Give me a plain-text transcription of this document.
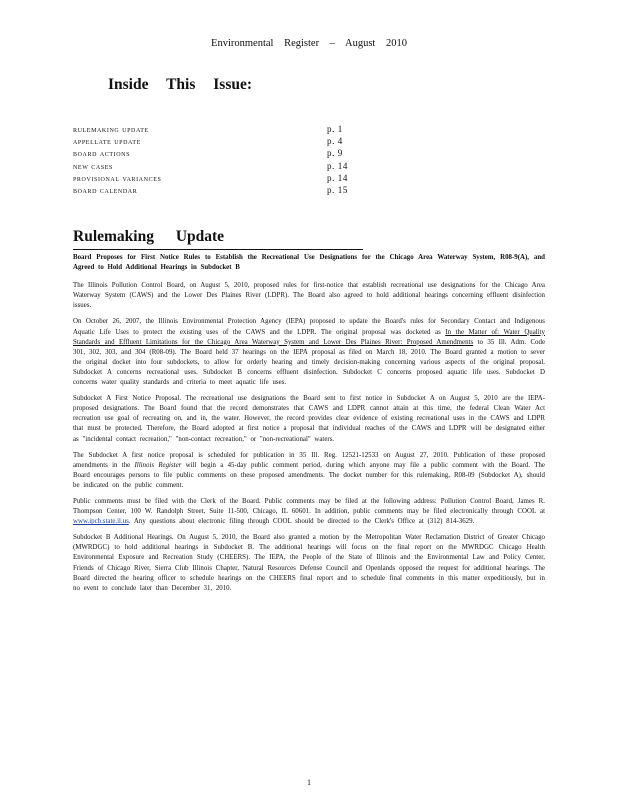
Environmental Register – August 2010
Inside This Issue:
rulemaking update	p. 1
appellate update	p. 4
board actions	p. 9
new cases	p. 14
provisional variances	p. 14
board calendar	p. 15
Rulemaking Update

Board Proposes for First Notice Rules to Establish the Recreational Use Designations for the Chicago Area Waterway System, R08-9(A), and Agreed to Hold Additional Hearings in Subdocket B

The Illinois Pollution Control Board, on August 5, 2010, proposed rules for first-notice that establish recreational use designations for the Chicago Area Waterway System (CAWS) and the Lower Des Plaines River (LDPR). The Board also agreed to hold additional hearings concerning effluent disinfection issues.

On October 26, 2007, the Illinois Environmental Protection Agency (IEPA) proposed to update the Board's rules for Secondary Contact and Indigenous Aquatic Life Uses to protect the existing uses of the CAWS and the LDPR. The original proposal was docketed as In the Matter of: Water Quality Standards and Effluent Limitations for the Chicago Area Waterway System and Lower Des Plaines River: Proposed Amendments to 35 Ill. Adm. Code 301, 302, 303, and 304 (R08-09). The Board held 37 hearings on the IEPA proposal as filed on March 18, 2010. The Board granted a motion to sever the original docket into four subdockets, to allow for orderly hearing and timely decision-making concerning various aspects of the original proposal. Subdocket A concerns recreational uses. Subdocket B concerns effluent disinfection. Subdocket C concerns proposed aquatic life uses. Subdocket D concerns water quality standards and criteria to meet aquatic life uses.

Subdocket A First Notice Proposal. The recreational use designations the Board sent to first notice in Subdocket A on August 5, 2010 are the IEPA-proposed designations. The Board found that the record demonstrates that CAWS and LDPR cannot attain at this time, the federal Clean Water Act recreation use goal of recreating on, and in, the water. However, the record provides clear evidence of existing recreational uses in the CAWS and LDPR that must be protected. Therefore, the Board adopted at first notice a proposal that individual reaches of the CAWS and LDPR will be designated either as "incidental contact recreation," "non-contact recreation," or "non-recreational" waters.

The Subdocket A first notice proposal is scheduled for publication in 35 Ill. Reg. 12521-12533 on August 27, 2010. Publication of these proposed amendments in the Illinois Register will begin a 45-day public comment period, during which anyone may file a public comment with the Board. The Board encourages persons to file public comments on these proposed amendments. The docket number for this rulemaking, R08-09 (Subdocket A), should be indicated on the public comment.

Public comments must be filed with the Clerk of the Board. Public comments may be filed at the following address: Pollution Control Board, James R. Thompson Center, 100 W. Randolph Street, Suite 11-500, Chicago, IL 60601. In addition, public comments may be filed electronically through COOL at www.ipcb.state.il.us. Any questions about electronic filing through COOL should be directed to the Clerk's Office at (312) 814-3629.

Subdocket B Additional Hearings. On August 5, 2010, the Board also granted a motion by the Metropolitan Water Reclamation District of Greater Chicago (MWRDGC) to hold additional hearings in Subdocket B. The additional hearings will focus on the final report on the MWRDGC Chicago Health Environmental Exposure and Recreation Study (CHEERS). The IEPA, the People of the State of Illinois and the Environmental Law and Policy Center, Friends of Chicago River, Sierra Club Illinois Chapter, Natural Resources Defense Council and Openlands opposed the request for additional hearings. The Board directed the hearing officer to schedule hearings on the CHEERS final report and to schedule final comments in this matter expeditiously, but in no event to conclude later than December 31, 2010.

1
